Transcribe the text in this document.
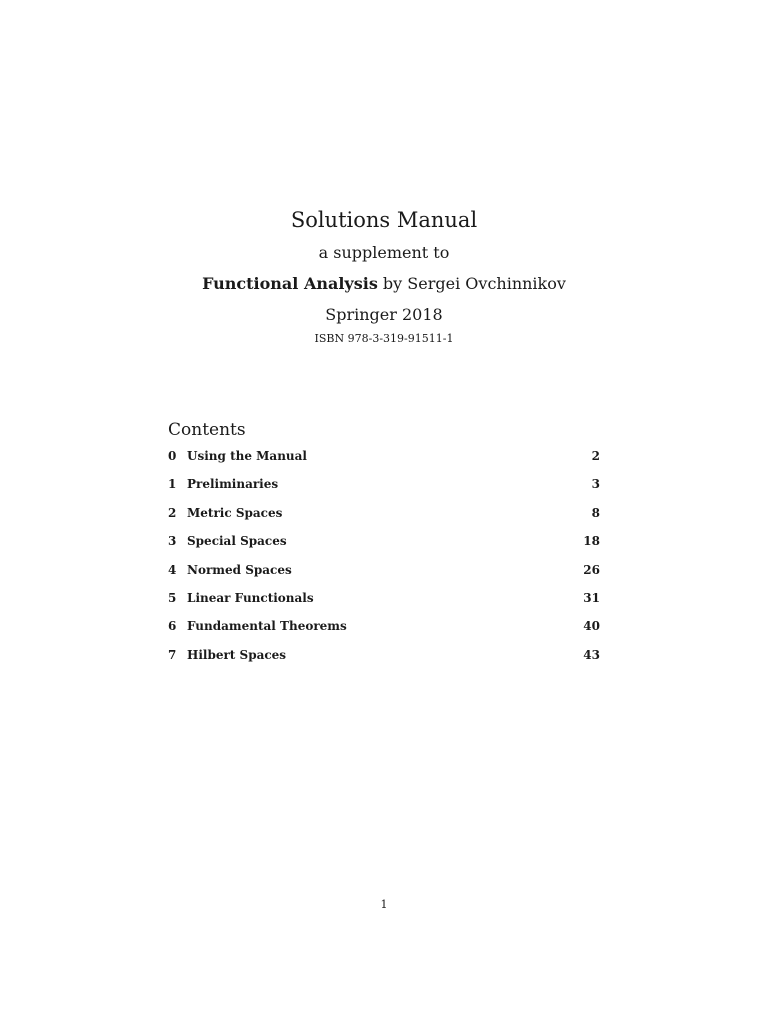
Solutions Manual
a supplement to
Functional Analysis by Sergei Ovchinnikov
Springer 2018
ISBN 978-3-319-91511-1
Contents
0 Using the Manual	2
1 Preliminaries	3
2 Metric Spaces	8
3 Special Spaces	18
4 Normed Spaces	26
5 Linear Functionals	31
6 Fundamental Theorems	40
7 Hilbert Spaces	43
1
